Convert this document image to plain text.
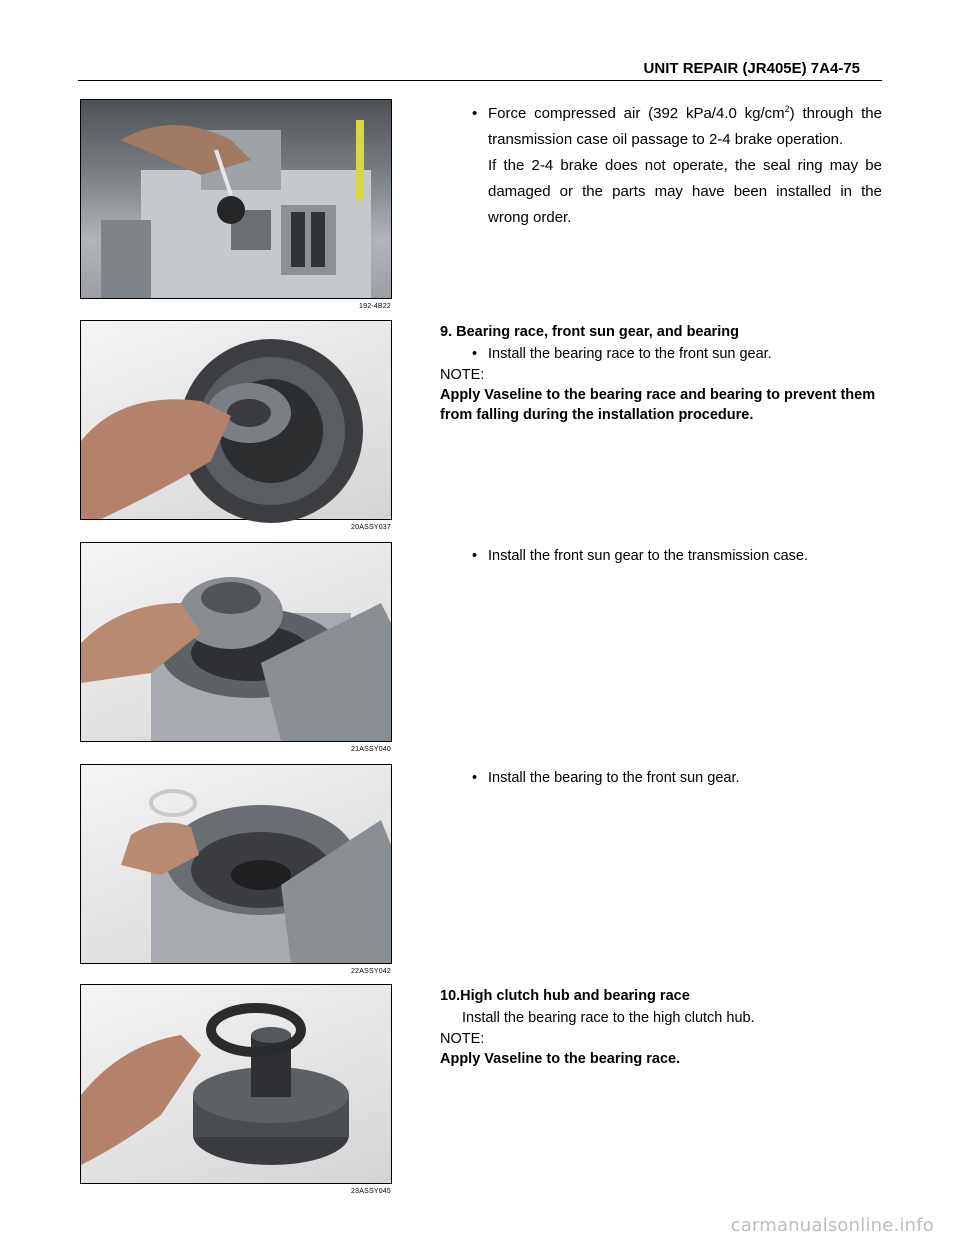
UNIT REPAIR (JR405E) 7A4-75
192-4B22
• Force compressed air (392 kPa/4.0 $kg/cm^2$) through the transmission case oil passage to 2-4 brake operation.
If the 2-4 brake does not operate, the seal ring may be damaged or the parts may have been installed in the wrong order.
20ASSY037
9. Bearing race, front sun gear, and bearing
• Install the bearing race to the front sun gear.
NOTE:
Apply Vaseline to the bearing race and bearing to prevent them from falling during the installation procedure.
21ASSY040
• Install the front sun gear to the transmission case.
22ASSY042
• Install the bearing to the front sun gear.
23ASSY045
10.High clutch hub and bearing race
Install the bearing race to the high clutch hub.
NOTE:
Apply Vaseline to the bearing race.
carmanualsonline.info
